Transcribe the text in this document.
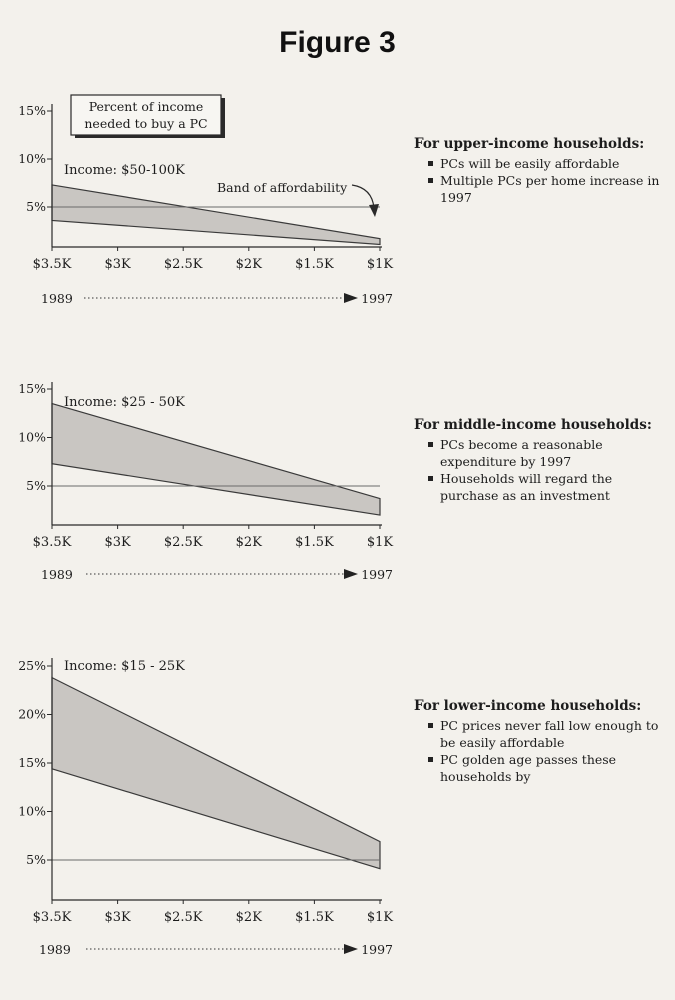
Figure 3
Percent of income
needed to buy a PC
15%
10%
5%
$3.5K	$3K	$2.5K	$2K	$1.5K	$1K
Income: $50-100K
Band of affordability
1989	1997
15%
10%
5%
$3.5K	$3K	$2.5K	$2K	$1.5K	$1K
Income: $25 - 50K
1989	1997
25%
20%
15%
10%
5%
$3.5K	$3K	$2.5K	$2K	$1.5K	$1K
Income: $15 - 25K
1989	1997
For upper-income households:
PCs will be easily affordable
Multiple PCs per home increase in 1997
For middle-income households:
PCs become a reasonable expenditure by 1997
Households will regard the purchase as an investment
For lower-income households:
PC prices never fall low enough to be easily affordable
PC golden age passes these households by
